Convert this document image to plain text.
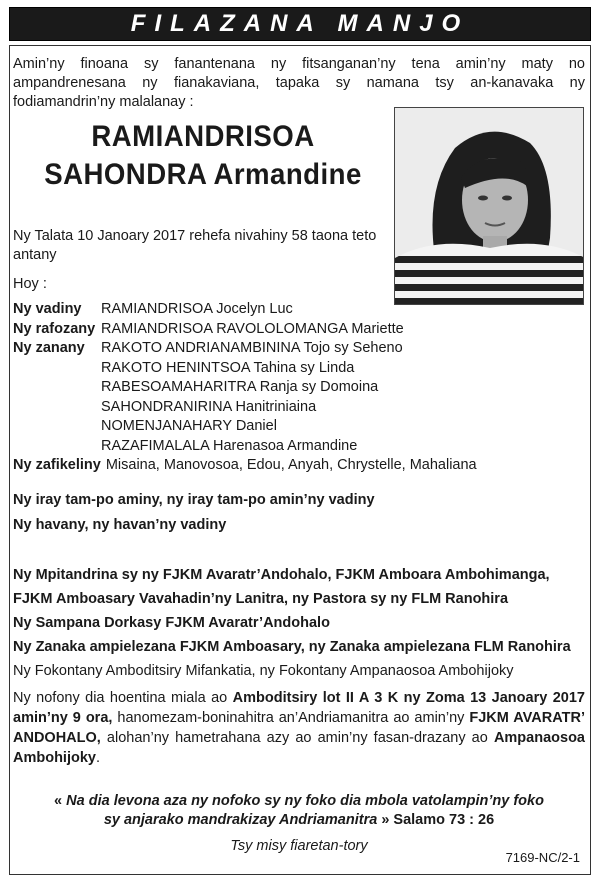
FILAZANA MANJO
Amin’ny finoana sy fanantenana ny fitsanganan’ny tena amin’ny maty no ampandrenesana ny fianakaviana, tapaka sy namana tsy an-kanavaka ny fodiamandrin’ny malalanay :
RAMIANDRISOA
SAHONDRA Armandine
Ny Talata 10 Janoary 2017 rehefa nivahiny 58 taona teto antany
Hoy :
Ny vadiny	RAMIANDRISOA Jocelyn Luc
Ny rafozany RAMIANDRISOA RAVOLOLOMANGA Mariette
Ny zanany	RAKOTO ANDRIANAMBININA Tojo sy Seheno
RAKOTO HENINTSOA Tahina sy Linda
RABESOAMAHARITRA Ranja sy Domoina
SAHONDRANIRINA Hanitriniaina
NOMENJANAHARY Daniel
RAZAFIMALALA Harenasoa Armandine
Ny zafikeliny Misaina, Manovosoa, Edou, Anyah, Chrystelle, Mahaliana
Ny iray tam-po aminy, ny iray tam-po amin’ny vadiny
Ny havany, ny havan’ny vadiny
Ny Mpitandrina sy ny FJKM Avaratr’Andohalo, FJKM Amboara Ambohimanga,
FJKM Amboasary Vavahadin’ny Lanitra, ny Pastora sy ny FLM Ranohira
Ny Sampana Dorkasy FJKM Avaratr’Andohalo
Ny Zanaka ampielezana FJKM Amboasary, ny Zanaka ampielezana FLM Ranohira
Ny Fokontany Amboditsiry Mifankatia, ny Fokontany Ampanaosoa Ambohijoky
Ny nofony dia hoentina miala ao Amboditsiry lot II A 3 K ny Zoma 13 Janoary 2017 amin’ny 9 ora, hanomezam-boninahitra an’Andriamanitra ao amin’ny FJKM AVARATR’ ANDOHALO, alohan’ny hametrahana azy ao amin’ny fasan-drazany ao Ampanaosoa Ambohijoky.
« Na dia levona aza ny nofoko sy ny foko dia mbola vatolampin’ny foko
sy anjarako mandrakizay Andriamanitra » Salamo 73 : 26
Tsy misy fiaretan-tory
7169-NC/2-1
